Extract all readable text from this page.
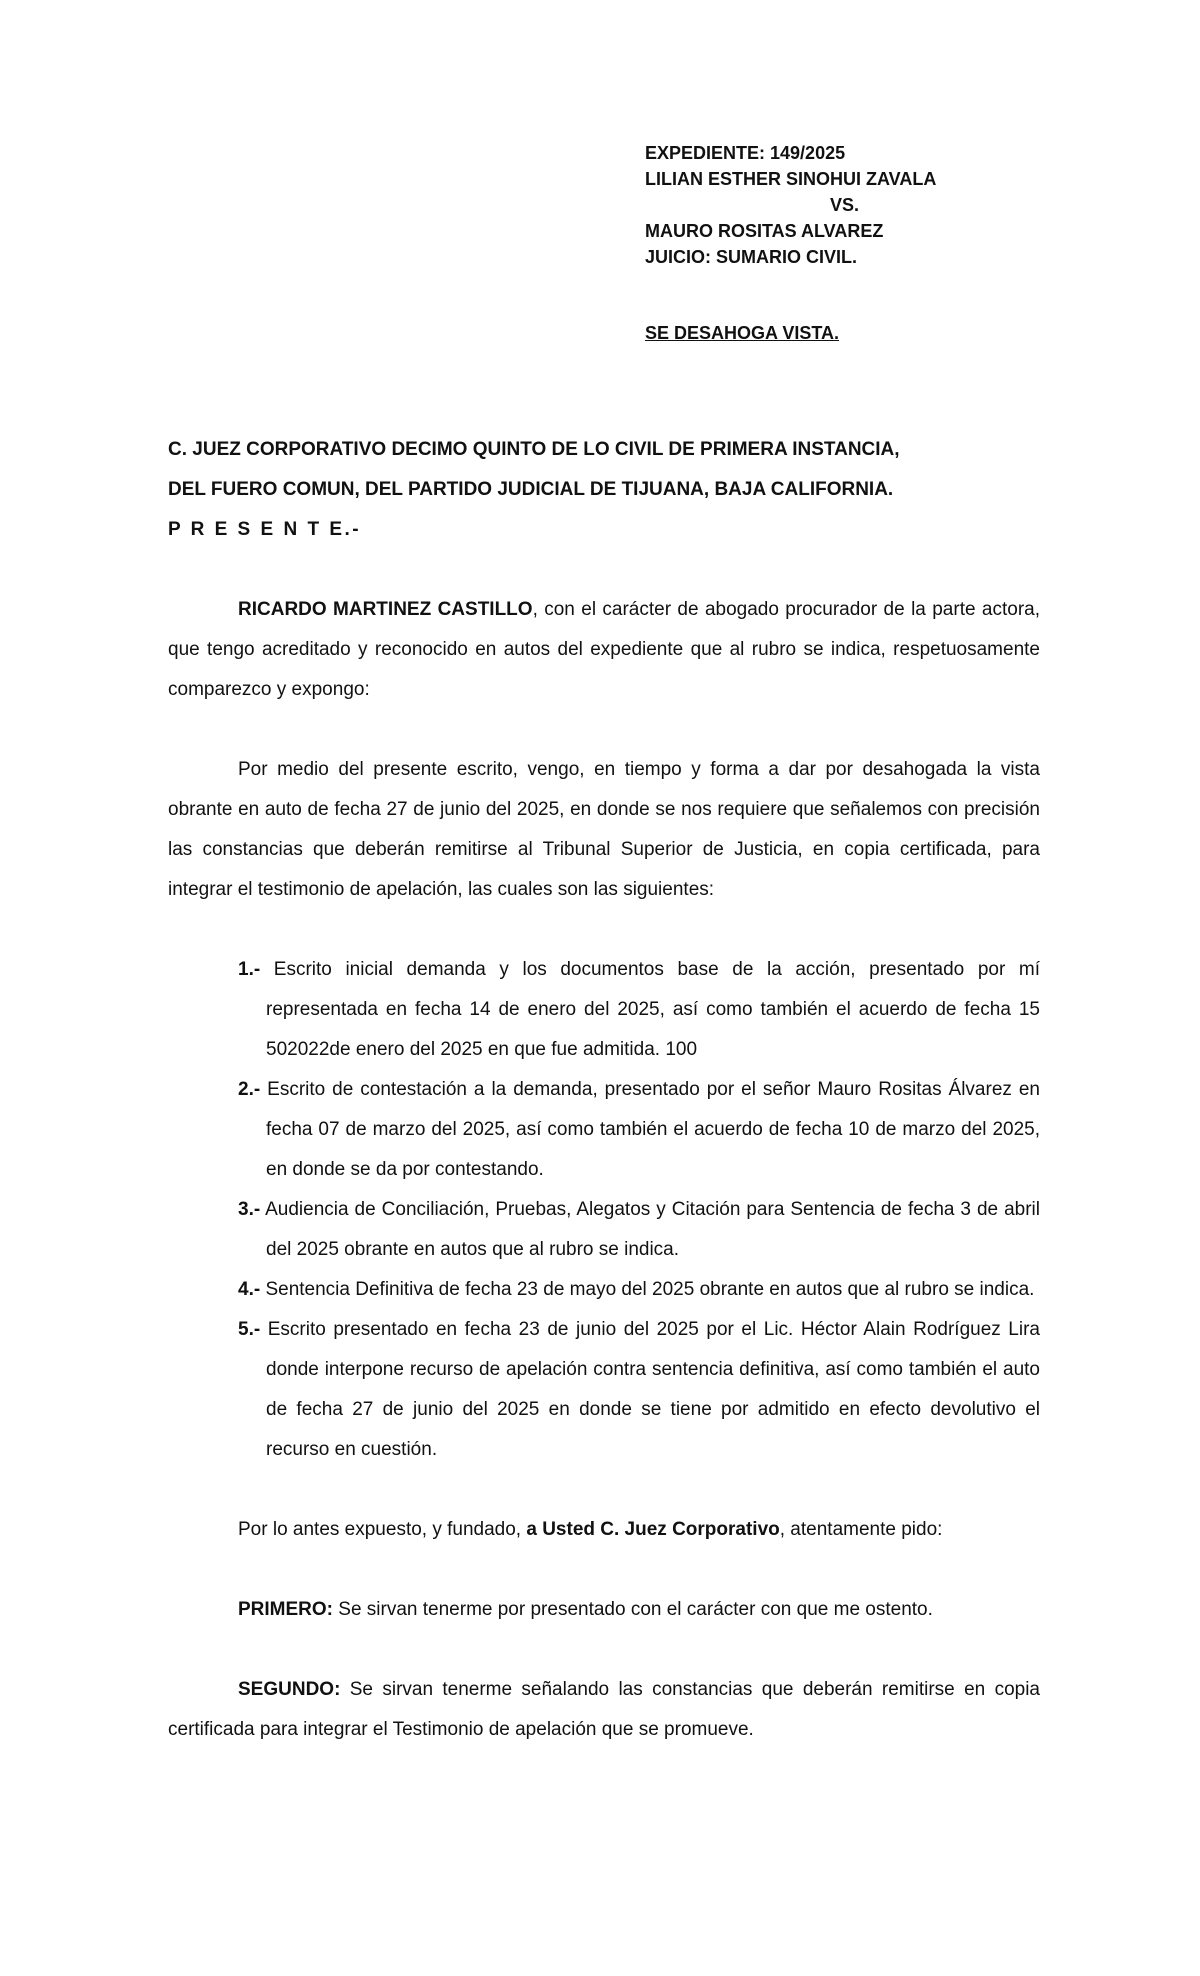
EXPEDIENTE: 149/2025
LILIAN ESTHER SINOHUI ZAVALA
VS.
MAURO ROSITAS ALVAREZ
JUICIO: SUMARIO CIVIL.
SE DESAHOGA VISTA.
C. JUEZ CORPORATIVO DECIMO QUINTO DE LO CIVIL DE PRIMERA INSTANCIA,
DEL FUERO COMUN, DEL PARTIDO JUDICIAL DE TIJUANA, BAJA CALIFORNIA.
P R E S E N T E.-

RICARDO MARTINEZ CASTILLO, con el carácter de abogado procurador de la parte actora, que tengo acreditado y reconocido en autos del expediente que al rubro se indica, respetuosamente comparezco y expongo:

Por medio del presente escrito, vengo, en tiempo y forma a dar por desahogada la vista obrante en auto de fecha 27 de junio del 2025, en donde se nos requiere que señalemos con precisión las constancias que deberán remitirse al Tribunal Superior de Justicia, en copia certificada, para integrar el testimonio de apelación, las cuales son las siguientes:

1.- Escrito inicial demanda y los documentos base de la acción, presentado por mí representada en fecha 14 de enero del 2025, así como también el acuerdo de fecha 15 502022de enero del 2025 en que fue admitida. 100
2.- Escrito de contestación a la demanda, presentado por el señor Mauro Rositas Álvarez en fecha 07 de marzo del 2025, así como también el acuerdo de fecha 10 de marzo del 2025, en donde se da por contestando.
3.- Audiencia de Conciliación, Pruebas, Alegatos y Citación para Sentencia de fecha 3 de abril del 2025 obrante en autos que al rubro se indica.
4.- Sentencia Definitiva de fecha 23 de mayo del 2025 obrante en autos que al rubro se indica.
5.- Escrito presentado en fecha 23 de junio del 2025 por el Lic. Héctor Alain Rodríguez Lira donde interpone recurso de apelación contra sentencia definitiva, así como también el auto de fecha 27 de junio del 2025 en donde se tiene por admitido en efecto devolutivo el recurso en cuestión.

Por lo antes expuesto, y fundado, a Usted C. Juez Corporativo, atentamente pido:

PRIMERO: Se sirvan tenerme por presentado con el carácter con que me ostento.

SEGUNDO: Se sirvan tenerme señalando las constancias que deberán remitirse en copia certificada para integrar el Testimonio de apelación que se promueve.
